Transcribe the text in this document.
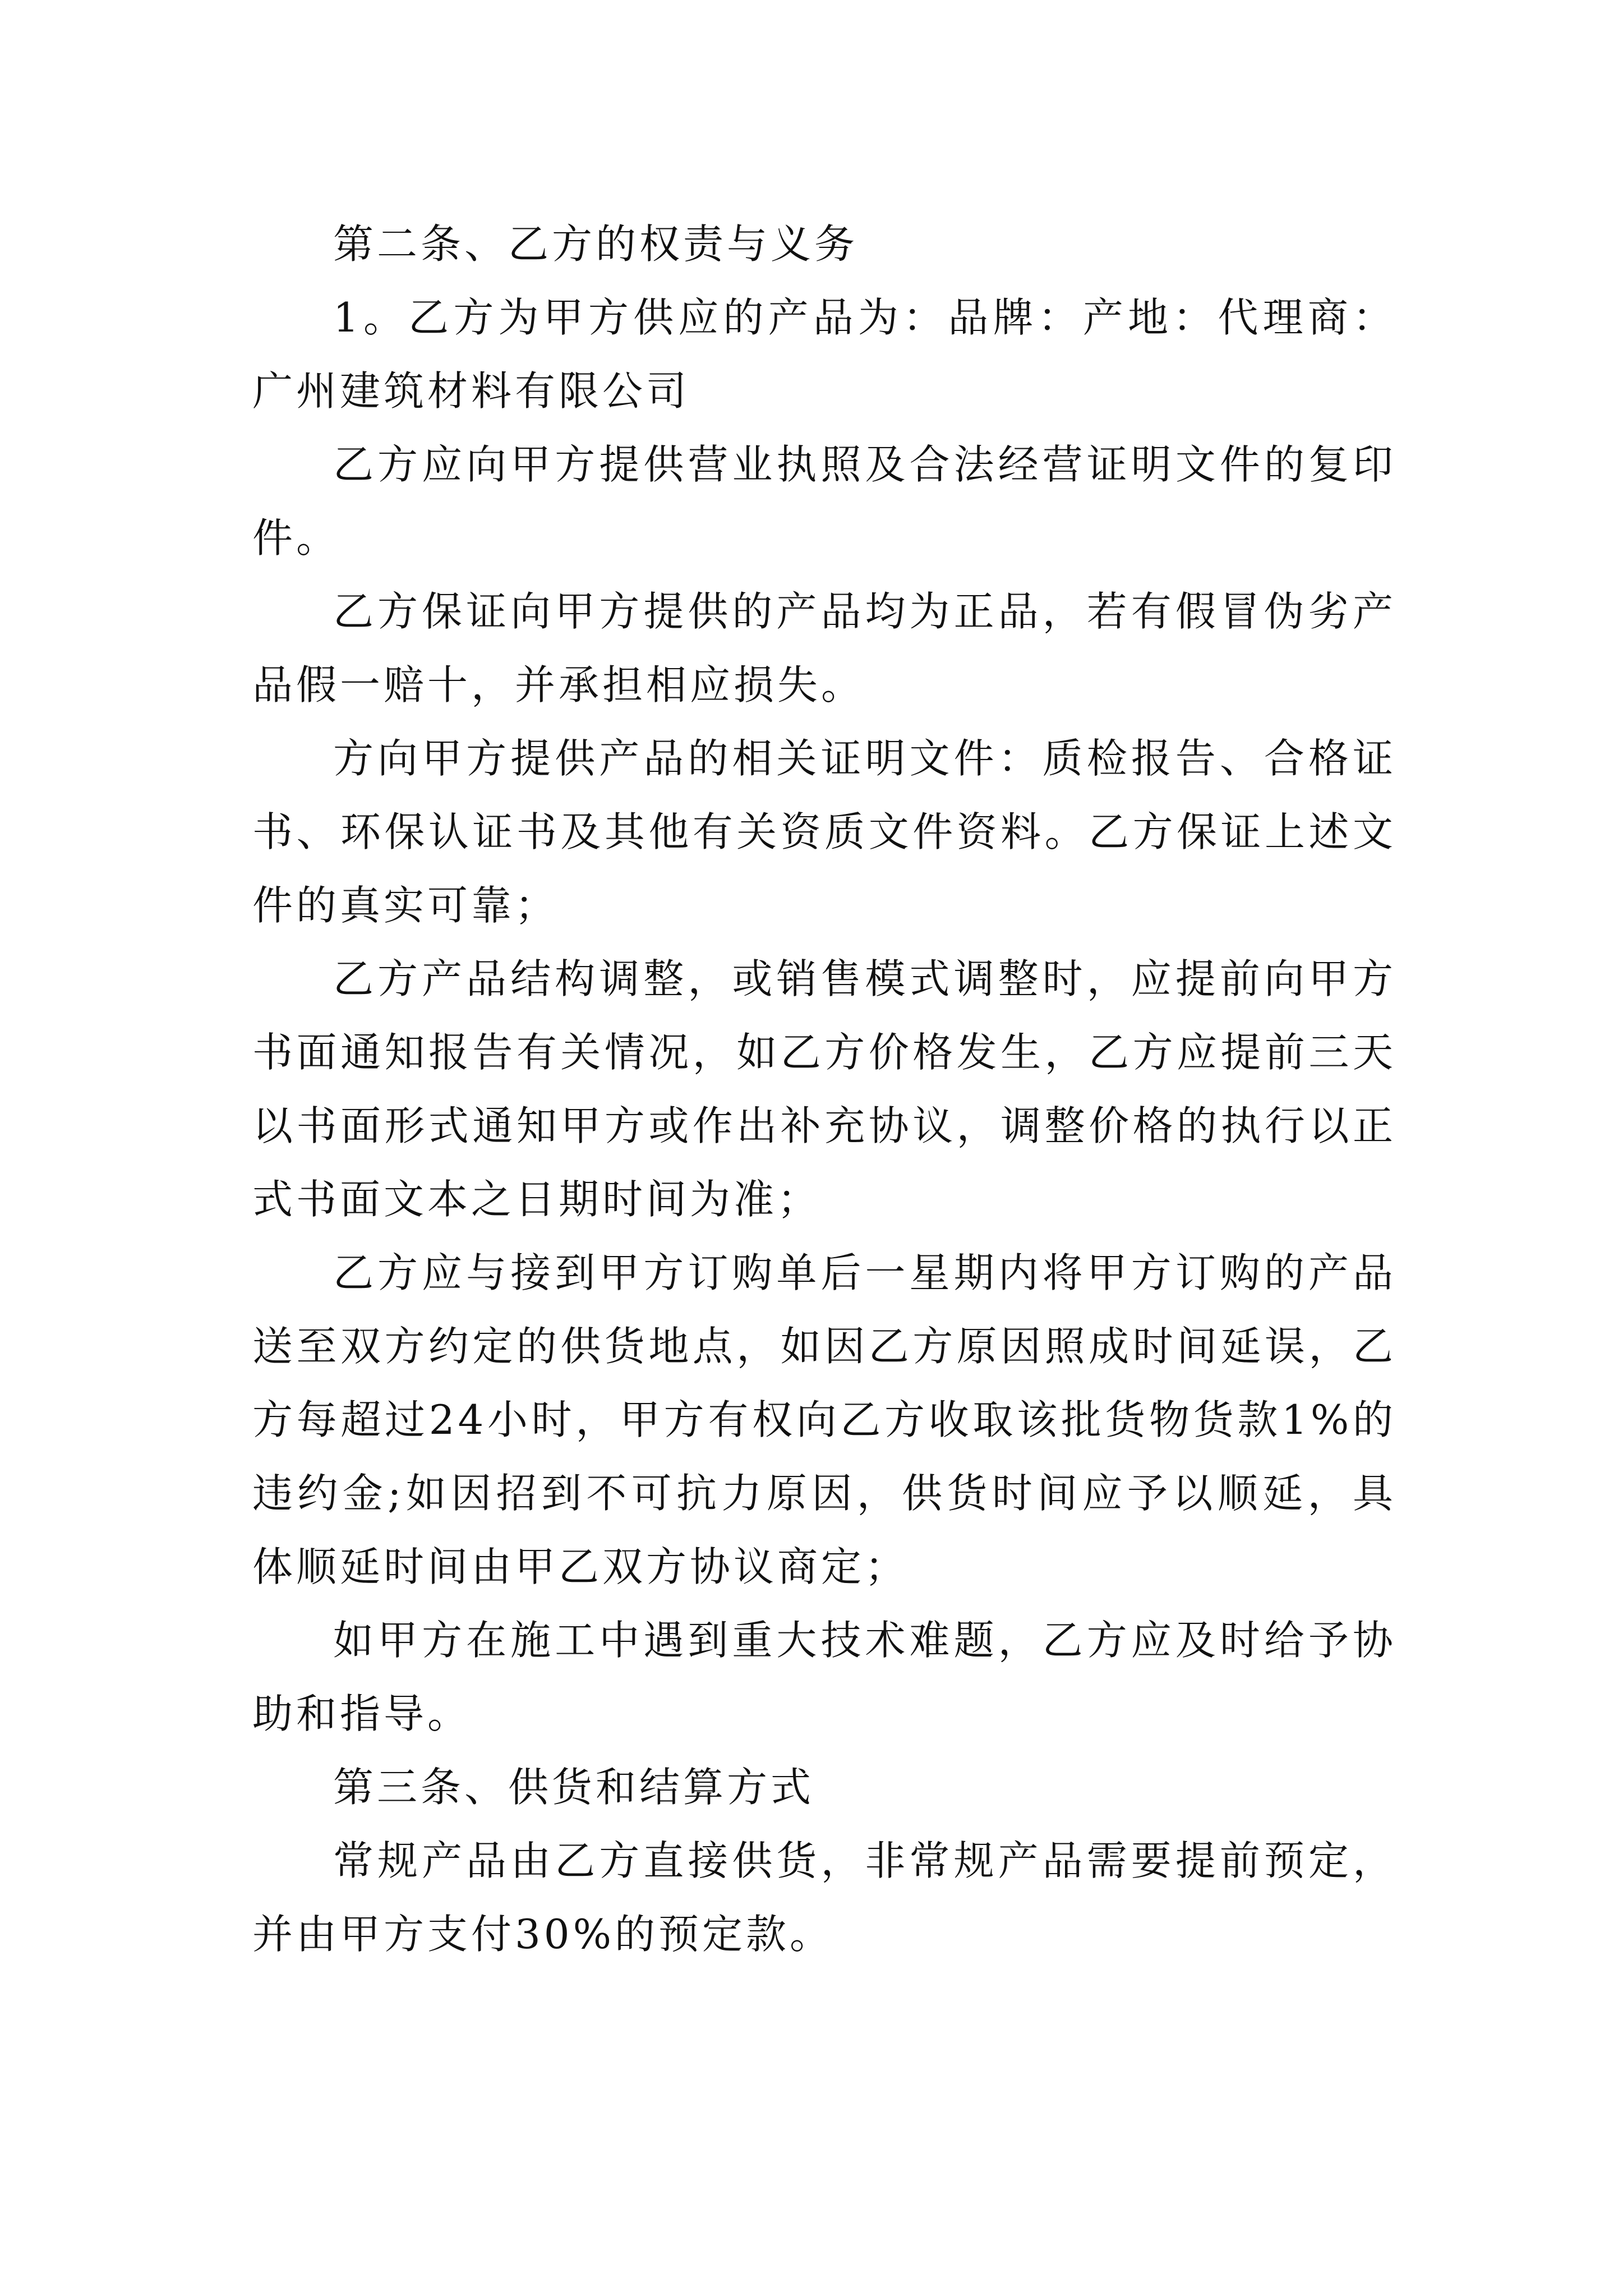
第二条、乙方的权责与义务

1。乙方为甲方供应的产品为：品牌：产地：代理商：广州建筑材料有限公司

乙方应向甲方提供营业执照及合法经营证明文件的复印件。

乙方保证向甲方提供的产品均为正品，若有假冒伪劣产品假一赔十，并承担相应损失。

方向甲方提供产品的相关证明文件：质检报告、合格证书、环保认证书及其他有关资质文件资料。乙方保证上述文件的真实可靠；

乙方产品结构调整，或销售模式调整时，应提前向甲方书面通知报告有关情况，如乙方价格发生，乙方应提前三天以书面形式通知甲方或作出补充协议，调整价格的执行以正式书面文本之日期时间为准；

乙方应与接到甲方订购单后一星期内将甲方订购的产品送至双方约定的供货地点，如因乙方原因照成时间延误，乙方每超过24小时，甲方有权向乙方收取该批货物货款1%的违约金;如因招到不可抗力原因，供货时间应予以顺延，具体顺延时间由甲乙双方协议商定；

如甲方在施工中遇到重大技术难题，乙方应及时给予协助和指导。

第三条、供货和结算方式

常规产品由乙方直接供货，非常规产品需要提前预定，并由甲方支付30%的预定款。
